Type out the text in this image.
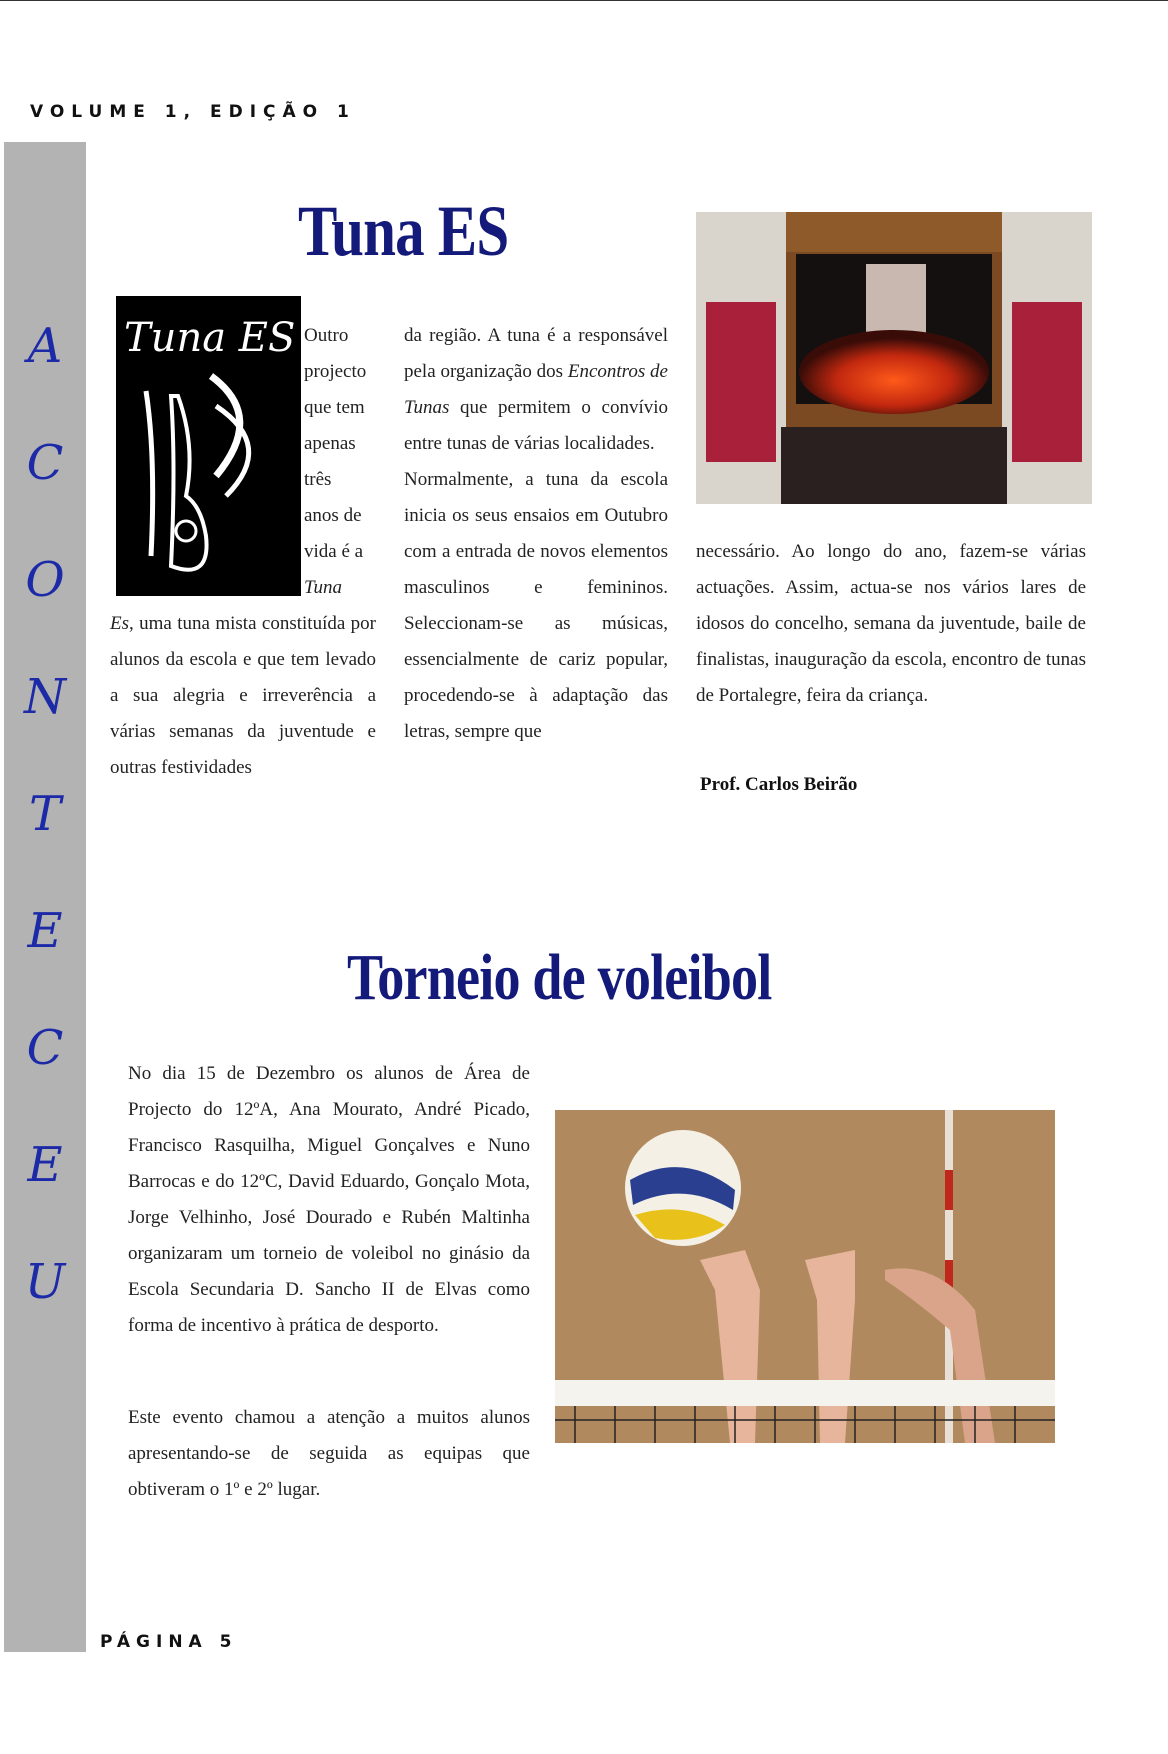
VOLUME 1, EDIÇÃO 1
A
C
O
N
T
E
C
E
U
Tuna ES
Tuna ES Outro
projecto
que tem
apenas
três
anos de
vida é a
Tuna

Es, uma tuna mista constituída por alunos da escola e que tem levado a sua alegria e irreverência a várias semanas da juventude e outras festividades

da região. A tuna é a responsável pela organização dos Encontros de Tunas que permitem o convívio entre tunas de várias localidades.

Normalmente, a tuna da escola inicia os seus ensaios em Outubro com a entrada de novos elementos masculinos e femininos. Seleccionam-se as músicas, essencialmente de cariz popular, procedendo-se à adaptação das letras, sempre que

necessário. Ao longo do ano, fazem-se várias actuações. Assim, actua-se nos vários lares de idosos do concelho, semana da juventude, baile de finalistas, inauguração da escola, encontro de tunas de Portalegre, feira da criança.

Prof. Carlos Beirão
Torneio de voleibol

No dia 15 de Dezembro os alunos de Área de Projecto do 12ºA, Ana Mourato, André Picado, Francisco Rasquilha, Miguel Gonçalves e Nuno Barrocas e do 12ºC, David Eduardo, Gonçalo Mota, Jorge Velhinho, José Dourado e Rubén Maltinha organizaram um torneio de voleibol no ginásio da Escola Secundaria D. Sancho II de Elvas como forma de incentivo à prática de desporto.

Este evento chamou a atenção a muitos alunos apresentando-se de seguida as equipas que obtiveram o 1º e 2º lugar.

PÁGINA 5
